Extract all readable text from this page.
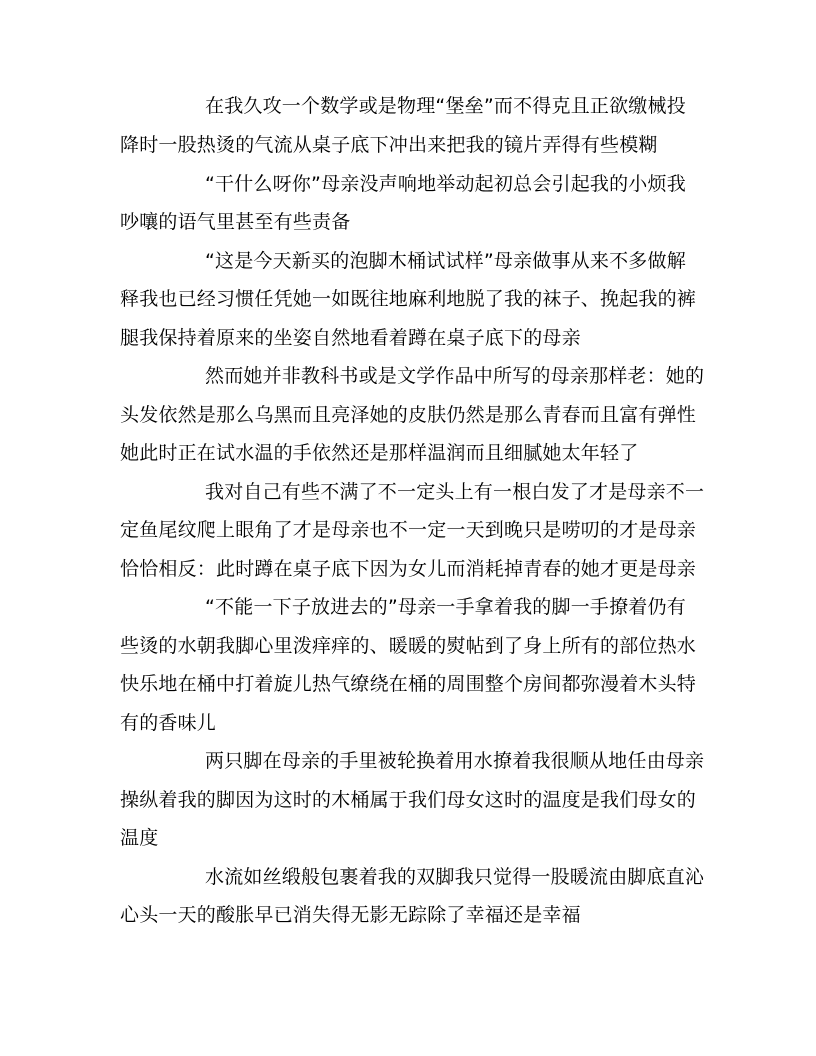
在我久攻一个数学或是物理“堡垒”而不得克且正欲缴械投

降时一股热烫的气流从桌子底下冲出来把我的镜片弄得有些模糊

“干什么呀你”母亲没声响地举动起初总会引起我的小烦我

吵嚷的语气里甚至有些责备

“这是今天新买的泡脚木桶试试样”母亲做事从来不多做解

释我也已经习惯任凭她一如既往地麻利地脱了我的袜子、挽起我的裤

腿我保持着原来的坐姿自然地看着蹲在桌子底下的母亲

然而她并非教科书或是文学作品中所写的母亲那样老：她的

头发依然是那么乌黑而且亮泽她的皮肤仍然是那么青春而且富有弹性

她此时正在试水温的手依然还是那样温润而且细腻她太年轻了

我对自己有些不满了不一定头上有一根白发了才是母亲不一

定鱼尾纹爬上眼角了才是母亲也不一定一天到晚只是唠叨的才是母亲

恰恰相反：此时蹲在桌子底下因为女儿而消耗掉青春的她才更是母亲

“不能一下子放进去的”母亲一手拿着我的脚一手撩着仍有

些烫的水朝我脚心里泼痒痒的、暖暖的熨帖到了身上所有的部位热水

快乐地在桶中打着旋儿热气缭绕在桶的周围整个房间都弥漫着木头特

有的香味儿

两只脚在母亲的手里被轮换着用水撩着我很顺从地任由母亲

操纵着我的脚因为这时的木桶属于我们母女这时的温度是我们母女的

温度

水流如丝缎般包裹着我的双脚我只觉得一股暖流由脚底直沁

心头一天的酸胀早已消失得无影无踪除了幸福还是幸福
